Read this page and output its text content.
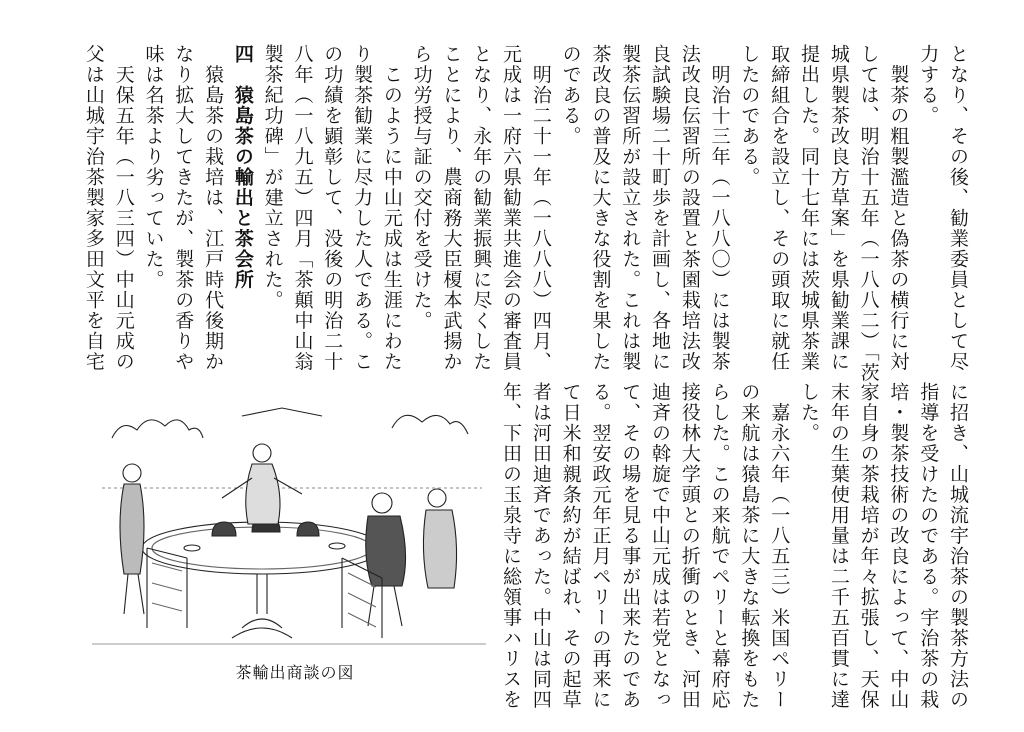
となり、その後、勧業委員として尽
力する。
　製茶の粗製濫造と偽茶の横行に対
しては、明治十五年（一八八二）「茨
城県製茶改良方草案」を県勧業課に
提出した。同十七年には茨城県茶業
取締組合を設立し、その頭取に就任
したのである。
　明治十三年（一八八〇）には製茶
法改良伝習所の設置と茶園栽培法改
良試験場二十町歩を計画し、各地に
製茶伝習所が設立された。これは製
茶改良の普及に大きな役割を果した
のである。
　明治二十一年（一八八八）四月、
元成は一府六県勧業共進会の審査員
となり、永年の勧業振興に尽くした
ことにより、農商務大臣榎本武揚か
ら功労授与証の交付を受けた。
　このように中山元成は生涯にわた
り製茶勧業に尽力した人である。こ
の功績を顕彰して、没後の明治二十
八年（一八九五）四月「茶顛中山翁
製茶紀功碑」が建立された。
四　猿島茶の輸出と茶会所
　猿島茶の栽培は、江戸時代後期か
なり拡大してきたが、製茶の香りや
味は名茶より劣っていた。
　天保五年（一八三四）中山元成の
父は山城宇治茶製家多田文平を自宅
に招き、山城流宇治茶の製茶方法の
指導を受けたのである。宇治茶の栽
培・製茶技術の改良によって、中山
家自身の茶栽培が年々拡張し、天保
末年の生葉使用量は二千五百貫に達
した。
　嘉永六年（一八五三）米国ペリー
の来航は猿島茶に大きな転換をもた
らした。この来航でペリーと幕府応
接役林大学頭との折衝のとき、河田
迪斉の斡旋で中山元成は若党となっ
て、その場を見る事が出来たのであ
る。翌安政元年正月ペリーの再来に
て日米和親条約が結ばれ、その起草
者は河田迪斉であった。中山は同四
年、下田の玉泉寺に総領事ハリスを
茶輸出商談の図
